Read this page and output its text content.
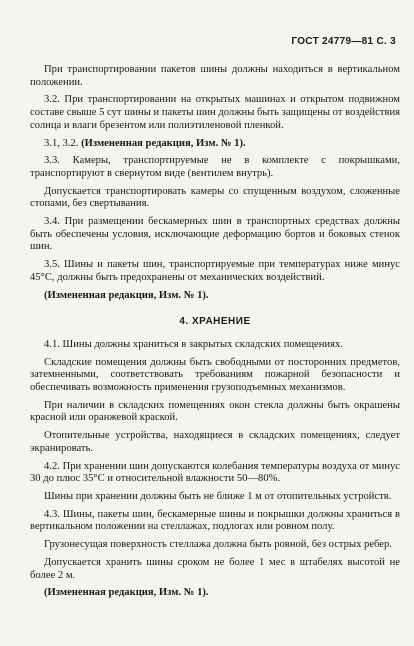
ГОСТ 24779—81 С. 3

При транспортировании пакетов шины должны находиться в вертикальном положении.

3.2. При транспортировании на открытых машинах и открытом подвижном составе свыше 5 сут шины и пакеты шин должны быть защищены от воздействия солнца и влаги брезентом или полиэтиленовой пленкой.

3.1, 3.2. (Измененная редакция, Изм. № 1).

3.3. Камеры, транспортируемые не в комплекте с покрышками, транспортируют в свернутом виде (вентилем внутрь).

Допускается транспортировать камеры со спущенным воздухом, сложенные стопами, без свертывания.

3.4. При размещении бескамерных шин в транспортных средствах должны быть обеспечены условия, исключающие деформацию бортов и боковых стенок шин.

3.5. Шины и пакеты шин, транспортируемые при температурах ниже минус 45°С, должны быть предохранены от механических воздействий.

(Измененная редакция, Изм. № 1).

4. ХРАНЕНИЕ

4.1. Шины должны храниться в закрытых складских помещениях.

Складские помещения должны быть свободными от посторонних предметов, затемненными, соответствовать требованиям пожарной безопасности и обеспечивать возможность применения грузоподъемных механизмов.

При наличии в складских помещениях окон стекла должны быть окрашены красной или оранжевой краской.

Отопительные устройства, находящиеся в складских помещениях, следует экранировать.

4.2. При хранении шин допускаются колебания температуры воздуха от минус 30 до плюс 35°С и относительной влажности 50—80%.

Шины при хранении должны быть не ближе 1 м от отопительных устройств.

4.3. Шины, пакеты шин, бескамерные шины и покрышки должны храниться в вертикальном положении на стеллажах, подлогах или ровном полу.

Грузонесущая поверхность стеллажа должна быть ровной, без острых ребер.

Допускается хранить шины сроком не более 1 мес в штабелях высотой не более 2 м.

(Измененная редакция, Изм. № 1).
